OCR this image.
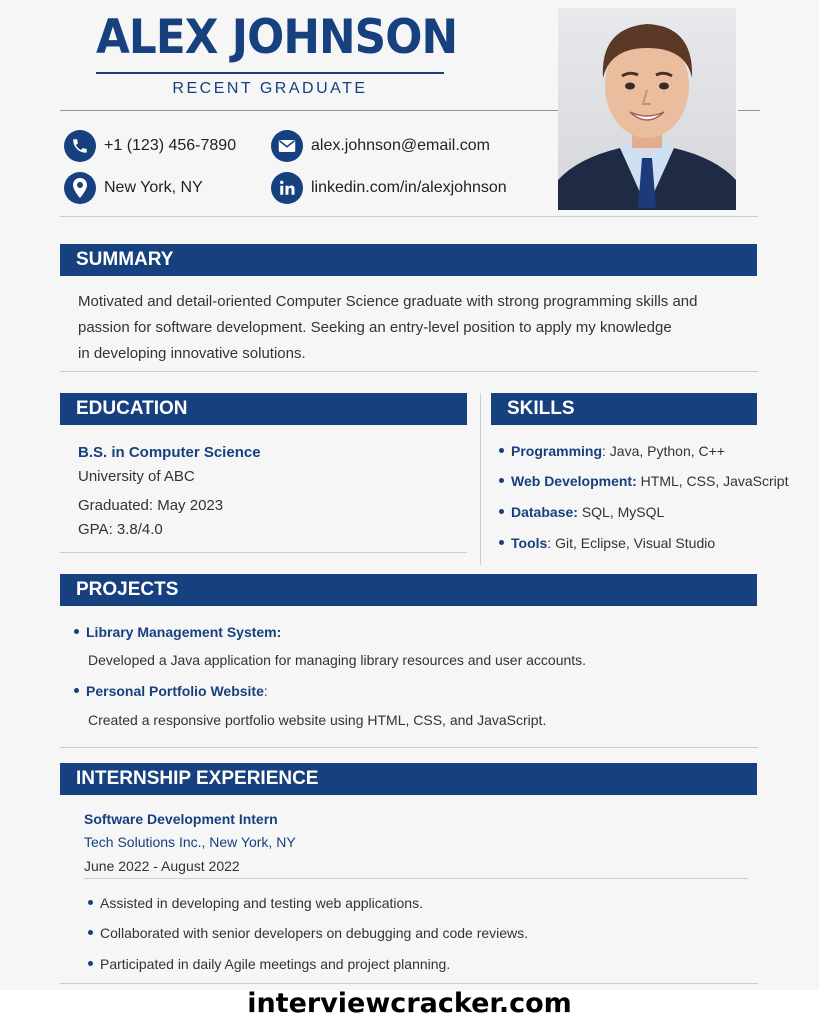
ALEX JOHNSON
RECENT GRADUATE
+1 (123) 456-7890	alex.johnson@email.com
New York, NY	linkedin.com/in/alexjohnson
SUMMARY
Motivated and detail-oriented Computer Science graduate with strong programming skills and
passion for software development. Seeking an entry-level position to apply my knowledge
in developing innovative solutions.
EDUCATION
B.S. in Computer Science
University of ABC
Graduated: May 2023
GPA: 3.8/4.0
SKILLS
Programming: Java, Python, C++
Web Development: HTML, CSS, JavaScript
Database: SQL, MySQL
Tools: Git, Eclipse, Visual Studio
PROJECTS
Library Management System:
Developed a Java application for managing library resources and user accounts.
Personal Portfolio Website:
Created a responsive portfolio website using HTML, CSS, and JavaScript.
INTERNSHIP EXPERIENCE
Software Development Intern
Tech Solutions Inc., New York, NY
June 2022 - August 2022
Assisted in developing and testing web applications.
Collaborated with senior developers on debugging and code reviews.
Participated in daily Agile meetings and project planning.
interviewcracker.com
